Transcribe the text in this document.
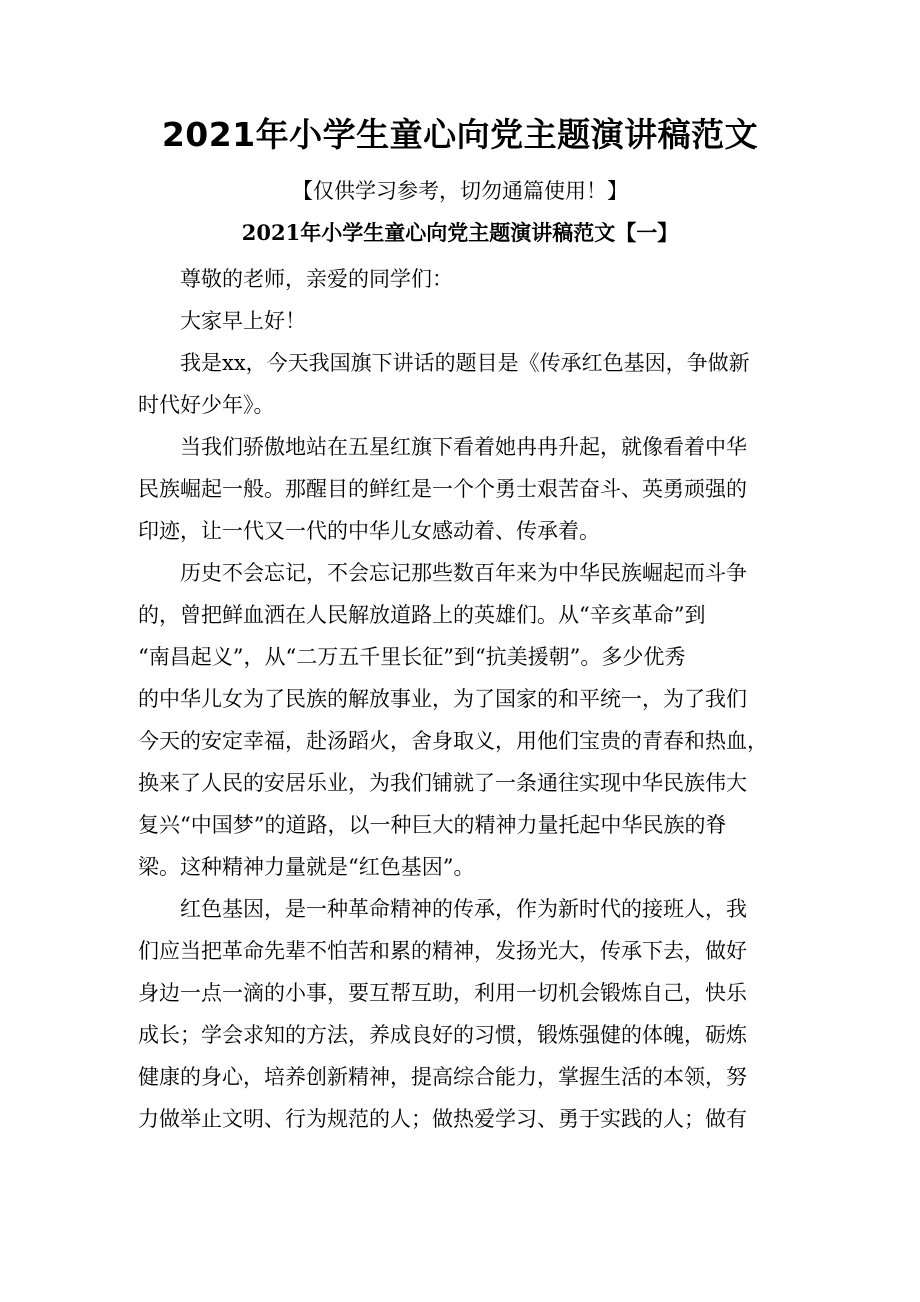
2021年小学生童心向党主题演讲稿范文

【仅供学习参考，切勿通篇使用！】

2021年小学生童心向党主题演讲稿范文【一】

尊敬的老师，亲爱的同学们：

大家早上好！

我是xx，今天我国旗下讲话的题目是《传承红色基因，争做新
时代好少年》。

当我们骄傲地站在五星红旗下看着她冉冉升起，就像看着中华
民族崛起一般。那醒目的鲜红是一个个勇士艰苦奋斗、英勇顽强的
印迹，让一代又一代的中华儿女感动着、传承着。

历史不会忘记，不会忘记那些数百年来为中华民族崛起而斗争
的，曾把鲜血洒在人民解放道路上的英雄们。从“辛亥革命”到
“南昌起义”，从“二万五千里长征”到“抗美援朝”。多少优秀
的中华儿女为了民族的解放事业，为了国家的和平统一，为了我们
今天的安定幸福，赴汤蹈火，舍身取义，用他们宝贵的青春和热血，
换来了人民的安居乐业，为我们铺就了一条通往实现中华民族伟大
复兴“中国梦”的道路，以一种巨大的精神力量托起中华民族的脊
梁。这种精神力量就是“红色基因”。

红色基因，是一种革命精神的传承，作为新时代的接班人，我
们应当把革命先辈不怕苦和累的精神，发扬光大，传承下去，做好
身边一点一滴的小事，要互帮互助，利用一切机会锻炼自己，快乐
成长；学会求知的方法，养成良好的习惯，锻炼强健的体魄，砺炼
健康的身心，培养创新精神，提高综合能力，掌握生活的本领，努
力做举止文明、行为规范的人；做热爱学习、勇于实践的人；做有
